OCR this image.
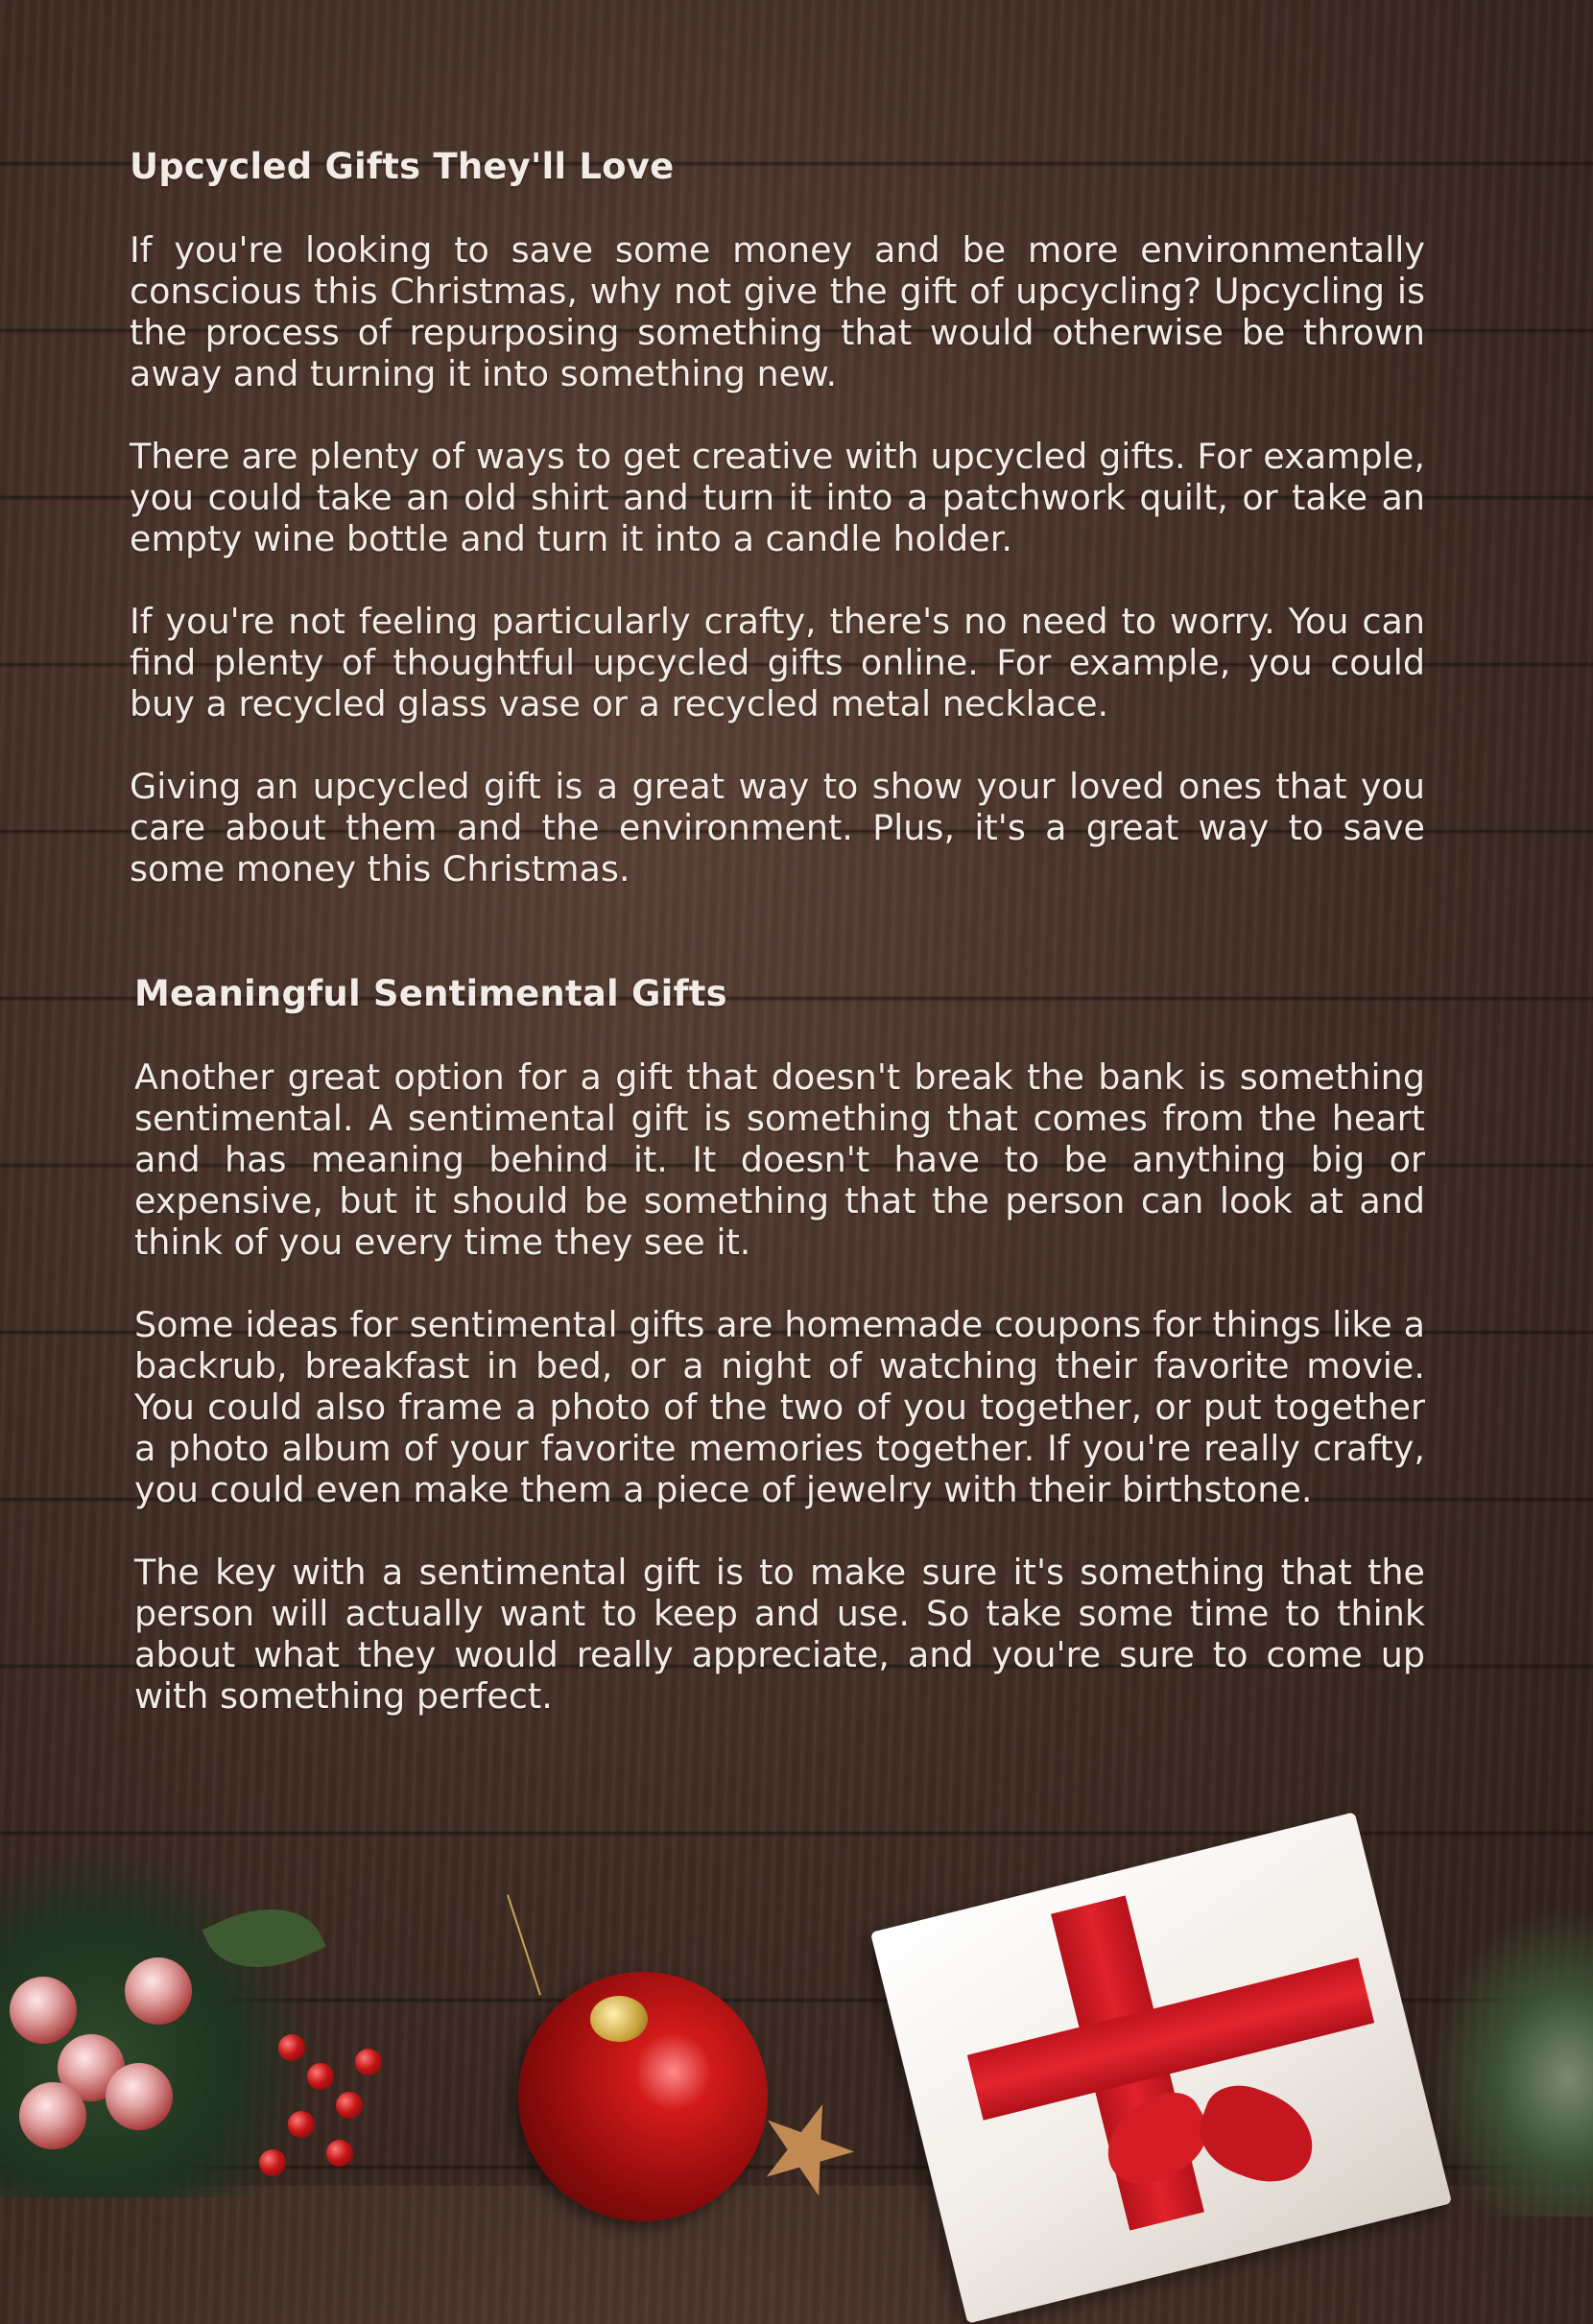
Upcycled Gifts They'll Love

If you're looking to save some money and be more environmentally conscious this Christmas, why not give the gift of upcycling? Upcycling is the process of repurposing something that would otherwise be thrown away and turning it into something new.

There are plenty of ways to get creative with upcycled gifts. For example, you could take an old shirt and turn it into a patchwork quilt, or take an empty wine bottle and turn it into a candle holder.

If you're not feeling particularly crafty, there's no need to worry. You can find plenty of thoughtful upcycled gifts online. For example, you could buy a recycled glass vase or a recycled metal necklace.

Giving an upcycled gift is a great way to show your loved ones that you care about them and the environment. Plus, it's a great way to save some money this Christmas.

Meaningful Sentimental Gifts

Another great option for a gift that doesn't break the bank is something sentimental. A sentimental gift is something that comes from the heart and has meaning behind it. It doesn't have to be anything big or expensive, but it should be something that the person can look at and think of you every time they see it.

Some ideas for sentimental gifts are homemade coupons for things like a backrub, breakfast in bed, or a night of watching their favorite movie. You could also frame a photo of the two of you together, or put together a photo album of your favorite memories together. If you're really crafty, you could even make them a piece of jewelry with their birthstone.

The key with a sentimental gift is to make sure it's something that the person will actually want to keep and use. So take some time to think about what they would really appreciate, and you're sure to come up with something perfect.
